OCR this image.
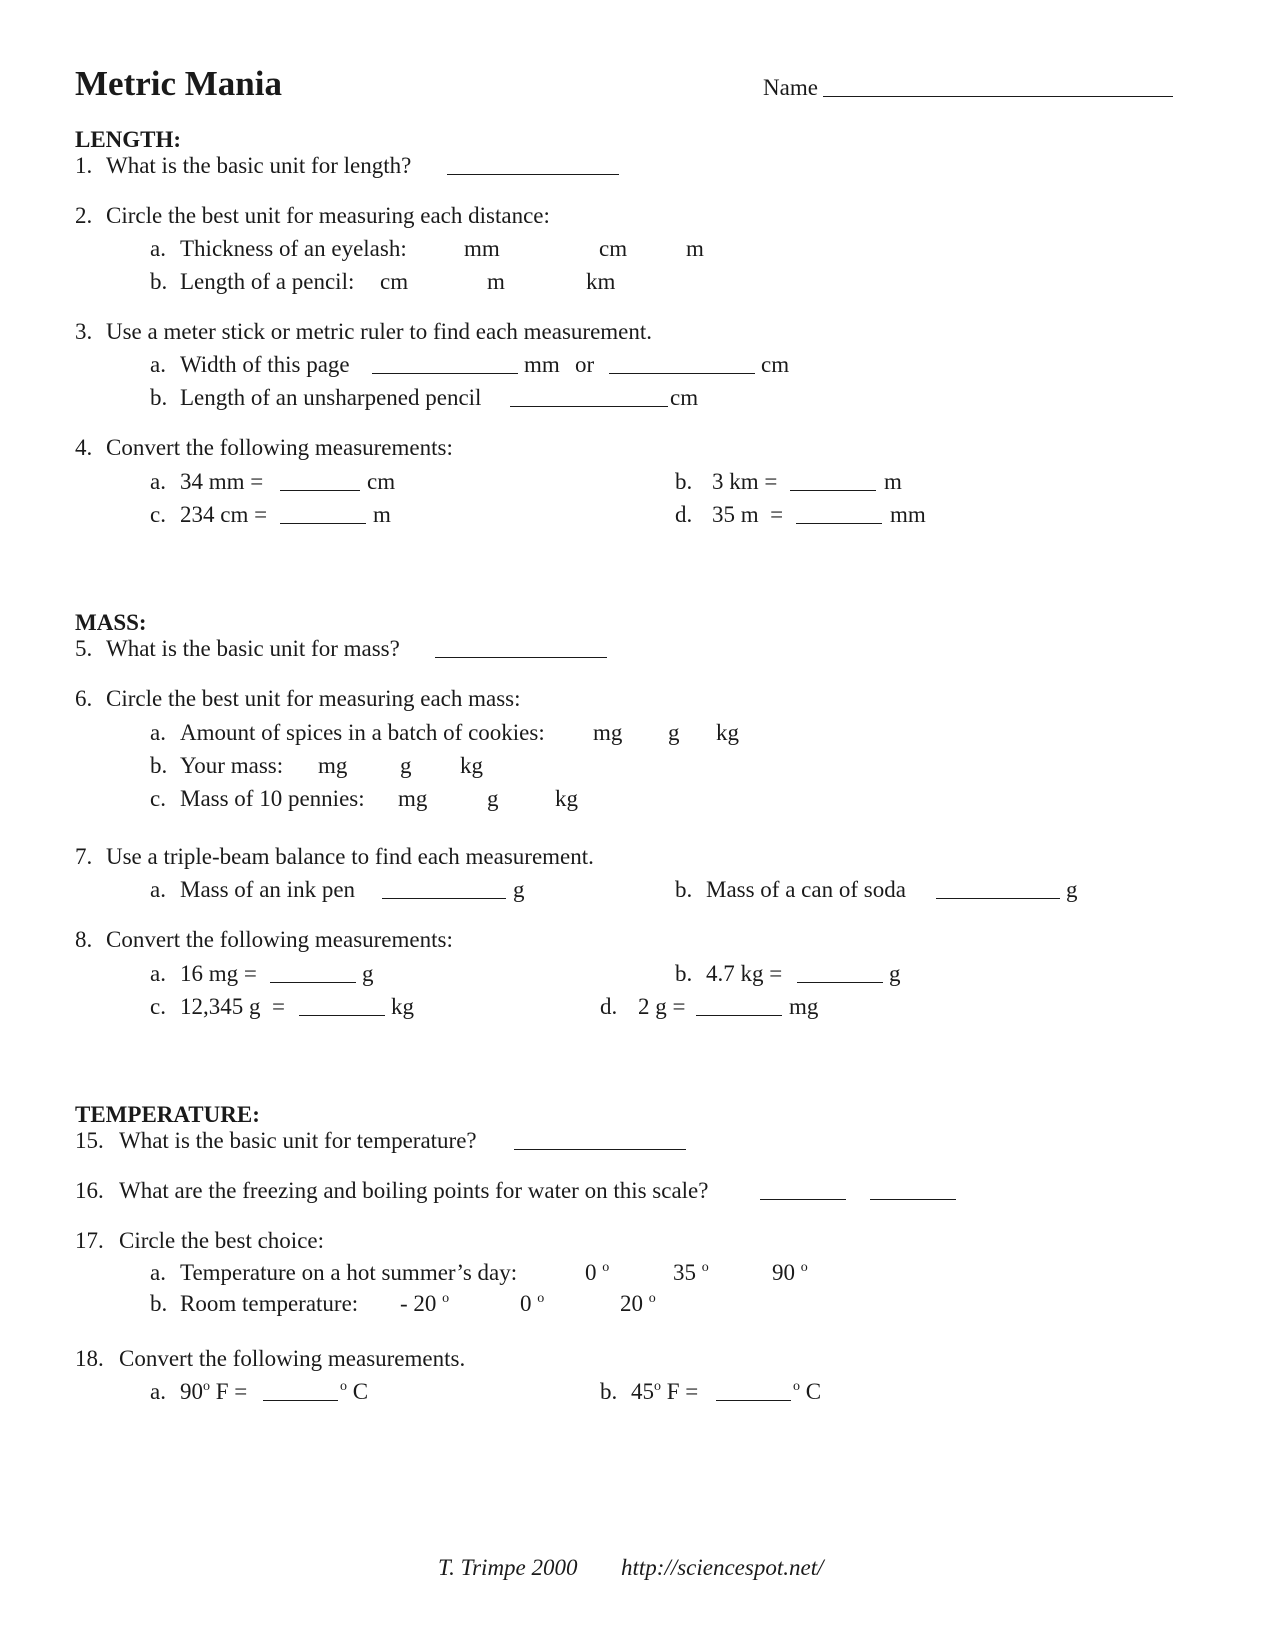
Metric Mania	Name
LENGTH:
1. What is the basic unit for length?
2. Circle the best unit for measuring each distance:
a. Thickness of an eyelash: mm	cm	m
b. Length of a pencil: cm	m	km
3. Use a meter stick or metric ruler to find each measurement.
a. Width of this page	mm or	cm
b. Length of an unsharpened pencil	cm
4. Convert the following measurements:
a. 34 mm =	cm	b. 3 km =	m
c. 234 cm =	m	d. 35 m  =	mm
MASS:
5. What is the basic unit for mass?
6. Circle the best unit for measuring each mass:
a. Amount of spices in a batch of cookies: mg g kg
b. Your mass: mg g kg
c. Mass of 10 pennies: mg	g kg
7. Use a triple-beam balance to find each measurement.
a. Mass of an ink pen	g	b. Mass of a can of soda	g
8. Convert the following measurements:
a. 16 mg =	g	b. 4.7 kg =	g
c. 12,345 g  =	kg	d. 2 g =	mg
TEMPERATURE:
15. What is the basic unit for temperature?
16. What are the freezing and boiling points for water on this scale?
17. Circle the best choice:
a. Temperature on a hot summer’s day:	0 $^o$	35 $^o$	90 $^o$
b. Room temperature: - 20 $^o$	0 $^o$	20 $^o$
18. Convert the following measurements.
a. 90$^o$ F =	$^o$ C	b. 45$^o$ F =	$^o$ C
T. Trimpe 2000 http://sciencespot.net/
